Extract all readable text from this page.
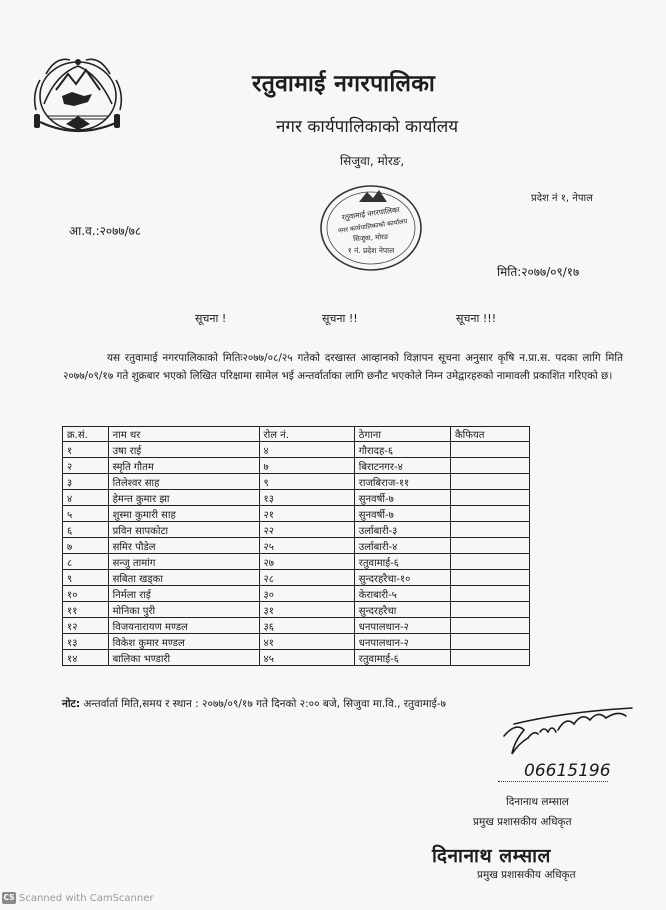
रतुवामाई नगरपालिका
नगर कार्यपालिकाको कार्यालय
सिजुवा, मोरङ,
प्रदेश नं १, नेपाल
आ.व.:२०७७/७८
मिति:२०७७/०९/१७
रतुवामाई नगरपालिका
नगर कार्यपालिकाको कार्यालय
सिजुवा, मोरङ
१ नं. प्रदेश नेपाल
सूचना !	सूचना !!	सूचना !!!

यस रतुवामाई नगरपालिकाको मितिः२०७७/०८/२५ गतेको दरखास्त आव्हानको विज्ञापन सूचना अनुसार कृषि न.प्रा.स. पदका लागि मिति २०७७/०९/१७ गते शुक्रबार भएको लिखित परिक्षामा सामेल भई अन्तर्वार्ताका लागि छनौट भएकोले निम्न उमेद्वारहरुको नामावली प्रकाशित गरिएको छ।

क्र.सं.	नाम थर	रोल नं.	ठेगाना	कैफियत
१	उषा राई	४	गौरादह-६	
२	स्मृति गौतम	७	बिराटनगर-४	
३	तिलेश्वर साह	९	राजबिराज-११	
४	हेमन्त कुमार झा	१३	सुनवर्षी-७	
५	शुस्मा कुमारी साह	२१	सुनवर्षी-७	
६	प्रविन सापकोटा	२२	उर्लाबारी-३	
७	समिर पौडेल	२५	उर्लाबारी-४	
८	सन्जु तामांग	२७	रतुवामाई-६	
९	सबिता खड्का	२८	सुन्दरहरैचा-१०	
१०	निर्मला राई	३०	केराबारी-५	
११	मोनिका पुरी	३१	सुन्दरहरैचा	
१२	विजयनारायण मण्डल	३६	धनपालथान-२	
१३	विकेश कुमार मण्डल	४१	धनपालथान-२	
१४	बालिका भण्डारी	४५	रतुवामाई-६	
नोट: अन्तर्वार्ता मिति,समय र स्थान : २०७७/०९/१७ गते दिनको २:०० बजे, सिजुवा मा.वि., रतुवामाई-७
06615196
दिनानाथ लम्साल
प्रमुख प्रशासकीय अधिकृत
दिनानाथ लम्साल
प्रमुख प्रशासकीय अधिकृत
CS Scanned with CamScanner
